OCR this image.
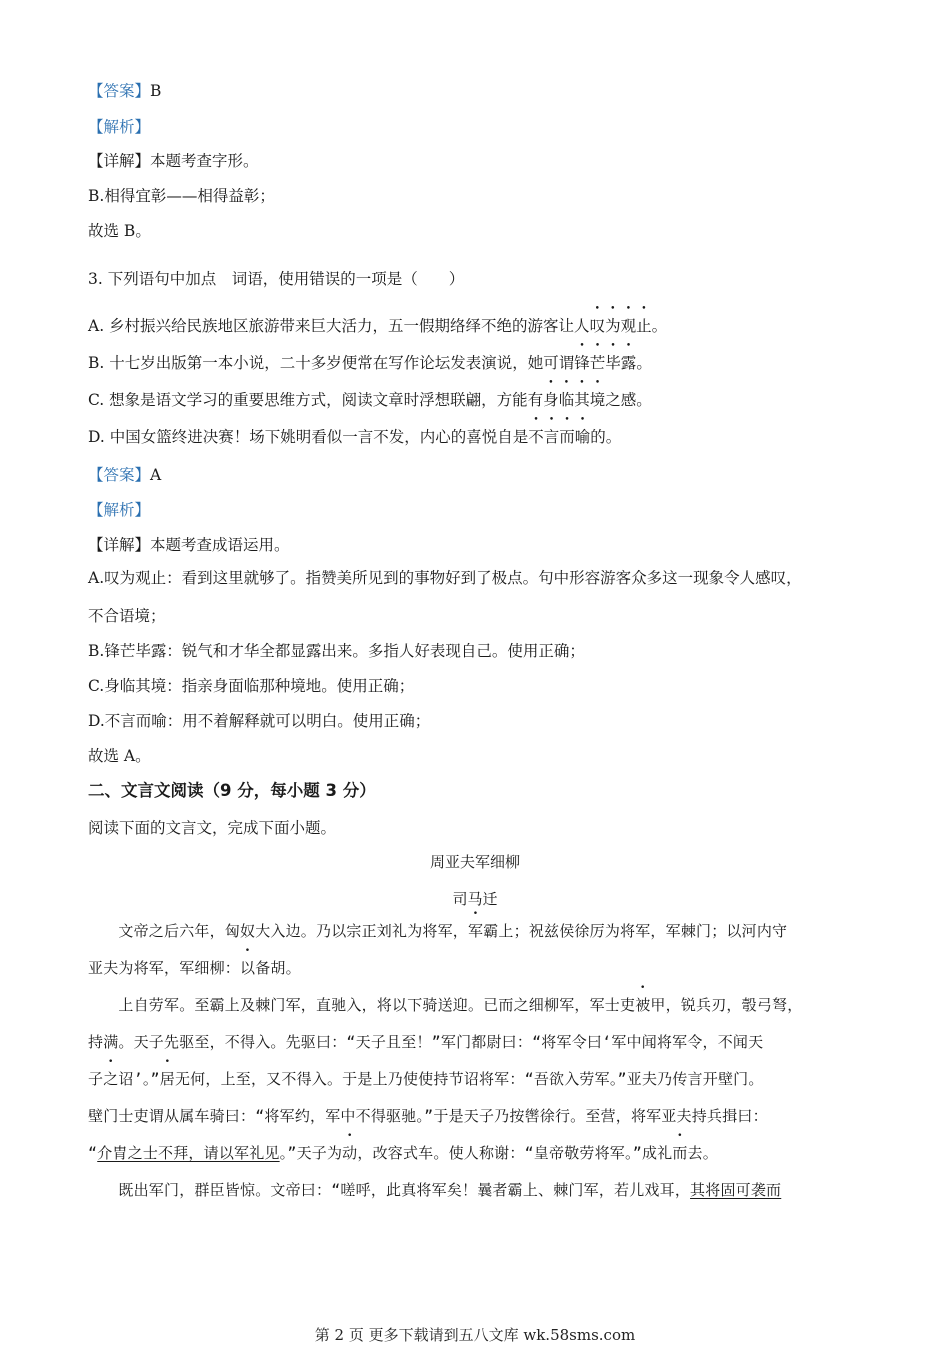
【答案】B
【解析】
【详解】本题考查字形。
B.相得宜彰——相得益彰；
故选 B。
3. 下列语句中加点　词语，使用错误的一项是（　　）
A. 乡村振兴给民族地区旅游带来巨大活力，五一假期络绎不绝的游客让人叹为观止。
B. 十七岁出版第一本小说，二十多岁便常在写作论坛发表演说，她可谓锋芒毕露。
C. 想象是语文学习的重要思维方式，阅读文章时浮想联翩，方能有身临其境之感。
D. 中国女篮终进决赛！场下姚明看似一言不发，内心的喜悦自是不言而喻的。
【答案】A
【解析】
【详解】本题考查成语运用。
A.叹为观止：看到这里就够了。指赞美所见到的事物好到了极点。句中形容游客众多这一现象令人感叹，
不合语境；
B.锋芒毕露：锐气和才华全都显露出来。多指人好表现自己。使用正确；
C.身临其境：指亲身面临那种境地。使用正确；
D.不言而喻：用不着解释就可以明白。使用正确；
故选 A。
二、文言文阅读（9 分，每小题 3 分）
阅读下面的文言文，完成下面小题。
周亚夫军细柳
司马迁
　　文帝之后六年，匈奴大入边。乃以宗正刘礼为将军，军霸上；祝兹侯徐厉为将军，军棘门；以河内守
亚夫为将军，军细柳：以备胡。
　　上自劳军。至霸上及棘门军，直驰入，将以下骑送迎。已而之细柳军，军士吏被甲，锐兵刃，彀弓弩，
持满。天子先驱至，不得入。先驱曰：“天子且至！”军门都尉曰：“将军令曰‘军中闻将军令，不闻天
子之诏’。”居无何，上至，又不得入。于是上乃使使持节诏将军：“吾欲入劳军。”亚夫乃传言开壁门。
壁门士吏谓从属车骑曰：“将军约，军中不得驱驰。”于是天子乃按辔徐行。至营，将军亚夫持兵揖曰：
“介胄之士不拜，请以军礼见。”天子为动，改容式车。使人称谢：“皇帝敬劳将军。”成礼而去。
　　既出军门，群臣皆惊。文帝曰：“嗟呼，此真将军矣！曩者霸上、棘门军，若儿戏耳，其将固可袭而
第 2 页 更多下载请到五八文库 wk.58sms.com
